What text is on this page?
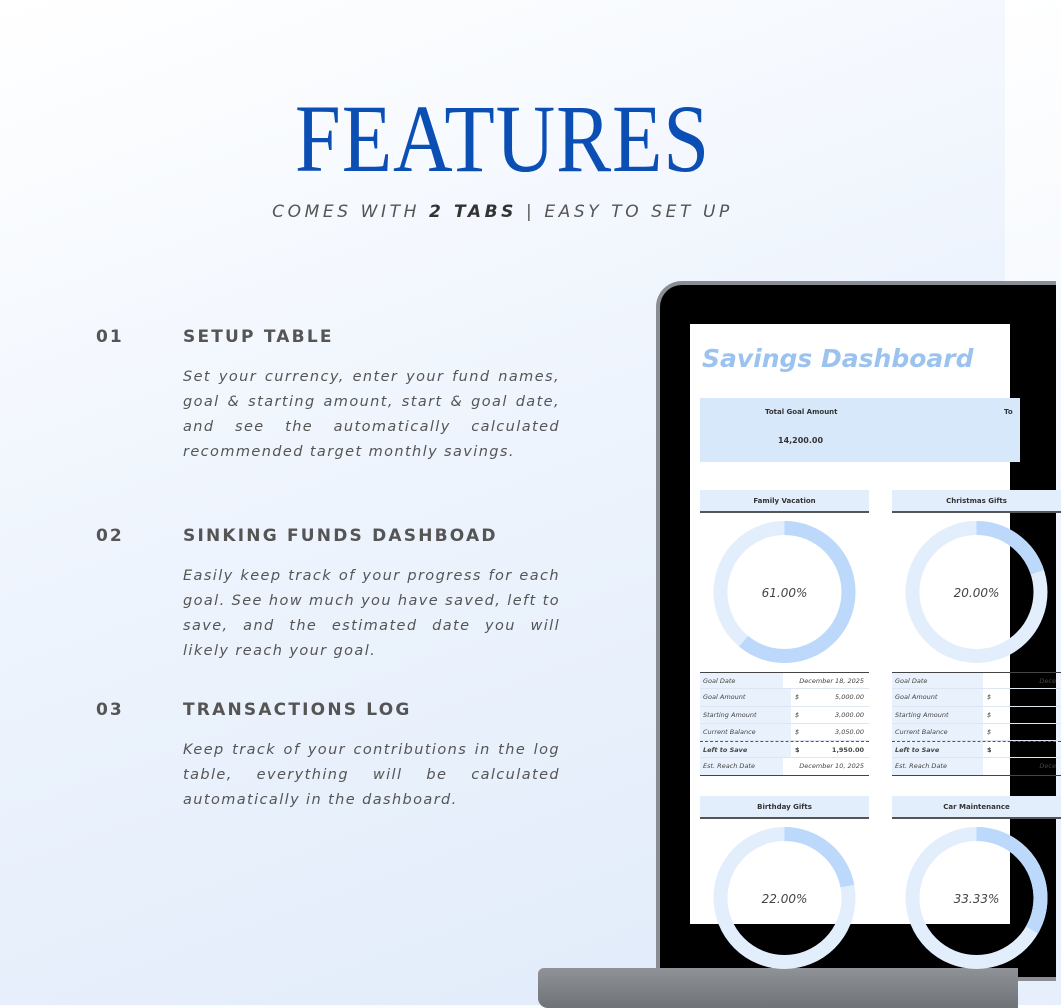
FEATURES
COMES WITH 2 TABS | EASY TO SET UP
01	SETUP TABLE
Set your currency, enter your fund names, goal & starting amount, start & goal date, and see the automatically calculated recommended target monthly savings.
02	SINKING FUNDS DASHBOAD
Easily keep track of your progress for each goal. See how much you have saved, left to save, and the estimated date you will likely reach your goal.
03	TRANSACTIONS LOG
Keep track of your contributions in the log table, everything will be calculated automatically in the dashboard.
Savings Dashboard
Total Goal Amount
14,200.00
To
Family Vacation
61.00%
Goal Date	December 18, 2025
Goal Amount	$	5,000.00
Starting Amount	$	3,000.00
Current Balance	$	3,050.00
Left to Save	$	1,950.00
Est. Reach Date	December 10, 2025
Christmas Gifts
20.00%
Goal Date	Dece
Goal Amount	$
Starting Amount	$
Current Balance	$
Left to Save	$
Est. Reach Date	Dece
Birthday Gifts
22.00%
Car Maintenance
33.33%
